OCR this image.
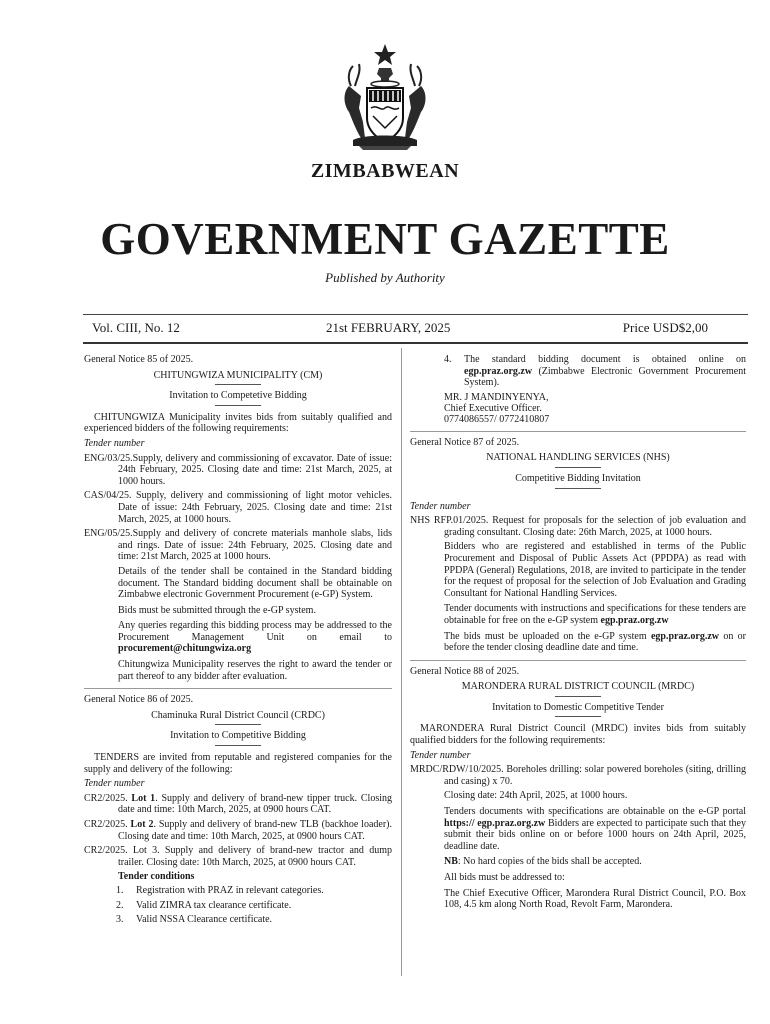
ZIMBABWEAN
GOVERNMENT GAZETTE
Published by Authority
Vol. CIII, No. 12	21st FEBRUARY, 2025	Price USD$2,00

General Notice 85 of 2025.

CHITUNGWIZA MUNICIPALITY (CM)

Invitation to Competetive Bidding

CHITUNGWIZA Municipality invites bids from suitably qualified and experienced bidders of the following requirements:

Tender number

ENG/03/25.Supply, delivery and commissioning of excavator. Date of issue: 24th February, 2025. Closing date and time: 21st March, 2025, at 1000 hours.

CAS/04/25. Supply, delivery and commissioning of light motor vehicles. Date of issue: 24th February, 2025. Closing date and time: 21st March, 2025, at 1000 hours.

ENG/05/25.Supply and delivery of concrete materials manhole slabs, lids and rings. Date of issue: 24th February, 2025. Closing date and time: 21st March, 2025 at 1000 hours.

Details of the tender shall be contained in the Standard bidding document. The Standard bidding document shall be obtainable on Zimbabwe electronic Government Procurement (e-GP) System.

Bids must be submitted through the e-GP system.

Any queries regarding this bidding process may be addressed to the Procurement Management Unit on email to procurement@chitungwiza.org

Chitungwiza Municipality reserves the right to award the tender or part thereof to any bidder after evaluation.

General Notice 86 of 2025.

Chaminuka Rural District Council (CRDC)

Invitation to Competitive Bidding

TENDERS are invited from reputable and registered companies for the supply and delivery of the following:

Tender number

CR2/2025. Lot 1. Supply and delivery of brand-new tipper truck. Closing date and time: 10th March, 2025, at 0900 hours CAT.

CR2/2025. Lot 2. Supply and delivery of brand-new TLB (backhoe loader). Closing date and time: 10th March, 2025, at 0900 hours CAT.

CR2/2025. Lot 3. Supply and delivery of brand-new tractor and dump trailer. Closing date: 10th March, 2025, at 0900 hours CAT.

Tender conditions

1.	Registration with PRAZ in relevant categories.
2.	Valid ZIMRA tax clearance certificate.
3.	Valid NSSA Clearance certificate.
4.	The standard bidding document is obtained online on egp.praz.org.zw (Zimbabwe Electronic Government Procurement System).
MR. J MANDINYENYA,
Chief Executive Officer.
0774086557/ 0772410807

General Notice 87 of 2025.

NATIONAL HANDLING SERVICES (NHS)

Competitive Bidding Invitation

Tender number

NHS RFP.01/2025. Request for proposals for the selection of job evaluation and grading consultant. Closing date: 26th March, 2025, at 1000 hours.

Bidders who are registered and established in terms of the Public Procurement and Disposal of Public Assets Act (PPDPA) as read with PPDPA (General) Regulations, 2018, are invited to participate in the tender for the request of proposal for the selection of Job Evaluation and Grading Consultant for National Handling Services.

Tender documents with instructions and specifications for these tenders are obtainable for free on the e-GP system egp.praz.org.zw

The bids must be uploaded on the e-GP system egp.praz.org.zw on or before the tender closing deadline date and time.

General Notice 88 of 2025.

MARONDERA RURAL DISTRICT COUNCIL (MRDC)

Invitation to Domestic Competitive Tender

MARONDERA Rural District Council (MRDC) invites bids from suitably qualified bidders for the following requirements:

Tender number

MRDC/RDW/10/2025. Boreholes drilling: solar powered boreholes (siting, drilling and casing) x 70.

Closing date: 24th April, 2025, at 1000 hours.

Tenders documents with specifications are obtainable on the e-GP portal https:// egp.praz.org.zw Bidders are expected to participate such that they submit their bids online on or before 1000 hours on 24th April, 2025, deadline date.

NB: No hard copies of the bids shall be accepted.

All bids must be addressed to:

The Chief Executive Officer, Marondera Rural District Council, P.O. Box 108, 4.5 km along North Road, Revolt Farm, Marondera.
